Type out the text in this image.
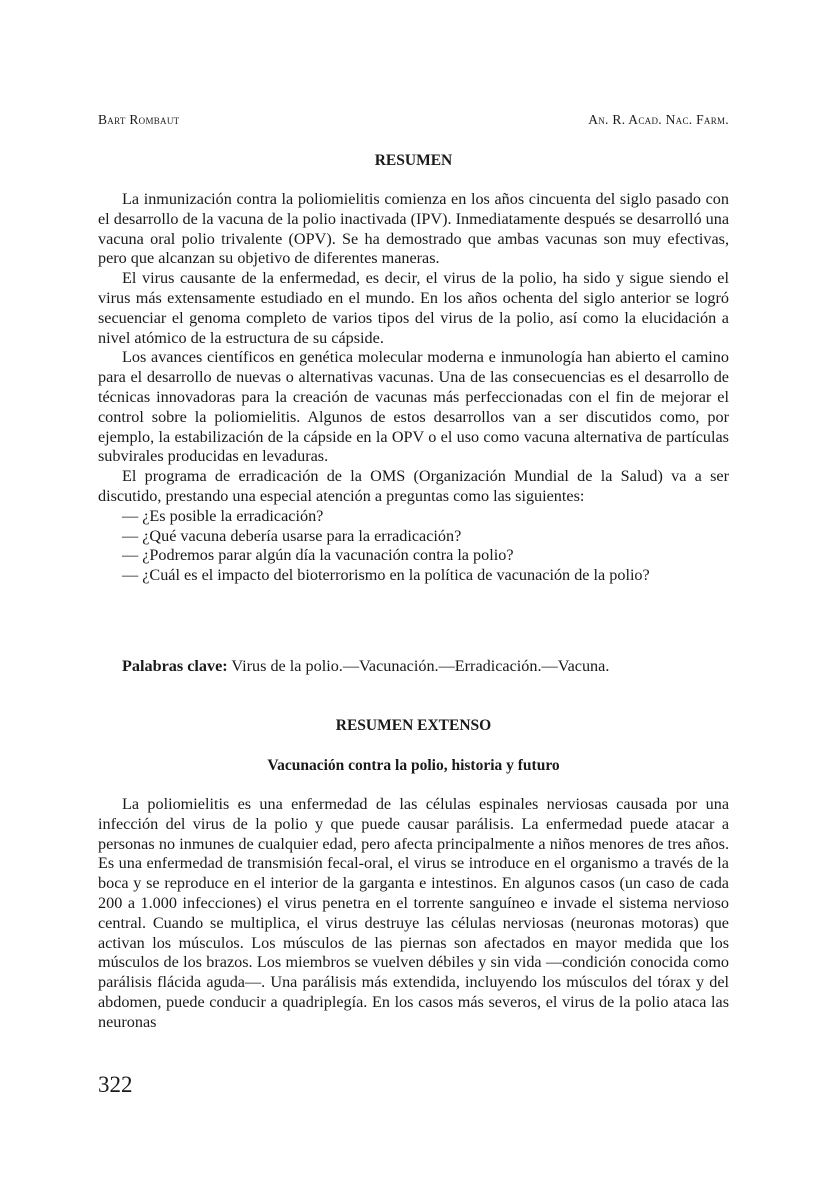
Bart Rombaut	An. R. Acad. Nac. Farm.
RESUMEN

La inmunización contra la poliomielitis comienza en los años cincuenta del siglo pasado con el desarrollo de la vacuna de la polio inactivada (IPV). Inmediatamente después se desarrolló una vacuna oral polio trivalente (OPV). Se ha demostrado que ambas vacunas son muy efectivas, pero que alcanzan su objetivo de diferentes maneras.

El virus causante de la enfermedad, es decir, el virus de la polio, ha sido y sigue siendo el virus más extensamente estudiado en el mundo. En los años ochenta del siglo anterior se logró secuenciar el genoma completo de varios tipos del virus de la polio, así como la elucidación a nivel atómico de la estructura de su cápside.

Los avances científicos en genética molecular moderna e inmunología han abierto el camino para el desarrollo de nuevas o alternativas vacunas. Una de las consecuencias es el desarrollo de técnicas innovadoras para la creación de vacunas más perfeccionadas con el fin de mejorar el control sobre la poliomielitis. Algunos de estos desarrollos van a ser discutidos como, por ejemplo, la estabilización de la cápside en la OPV o el uso como vacuna alternativa de partículas subvirales producidas en levaduras.

El programa de erradicación de la OMS (Organización Mundial de la Salud) va a ser discutido, prestando una especial atención a preguntas como las siguientes:

— ¿Es posible la erradicación?
— ¿Qué vacuna debería usarse para la erradicación?
— ¿Podremos parar algún día la vacunación contra la polio?
— ¿Cuál es el impacto del bioterrorismo en la política de vacunación de la polio?

Palabras clave: Virus de la polio.—Vacunación.—Erradicación.—Vacuna.

RESUMEN EXTENSO
Vacunación contra la polio, historia y futuro

La poliomielitis es una enfermedad de las células espinales nerviosas causada por una infección del virus de la polio y que puede causar parálisis. La enfermedad puede atacar a personas no inmunes de cualquier edad, pero afecta principalmente a niños menores de tres años. Es una enfermedad de transmisión fecal-oral, el virus se introduce en el organismo a través de la boca y se reproduce en el interior de la garganta e intestinos. En algunos casos (un caso de cada 200 a 1.000 infecciones) el virus penetra en el torrente sanguíneo e invade el sistema nervioso central. Cuando se multiplica, el virus destruye las células nerviosas (neuronas motoras) que activan los músculos. Los músculos de las piernas son afectados en mayor medida que los músculos de los brazos. Los miembros se vuelven débiles y sin vida —condición conocida como parálisis flácida aguda—. Una parálisis más extendida, incluyendo los músculos del tórax y del abdomen, puede conducir a quadriplegía. En los casos más severos, el virus de la polio ataca las neuronas

322
